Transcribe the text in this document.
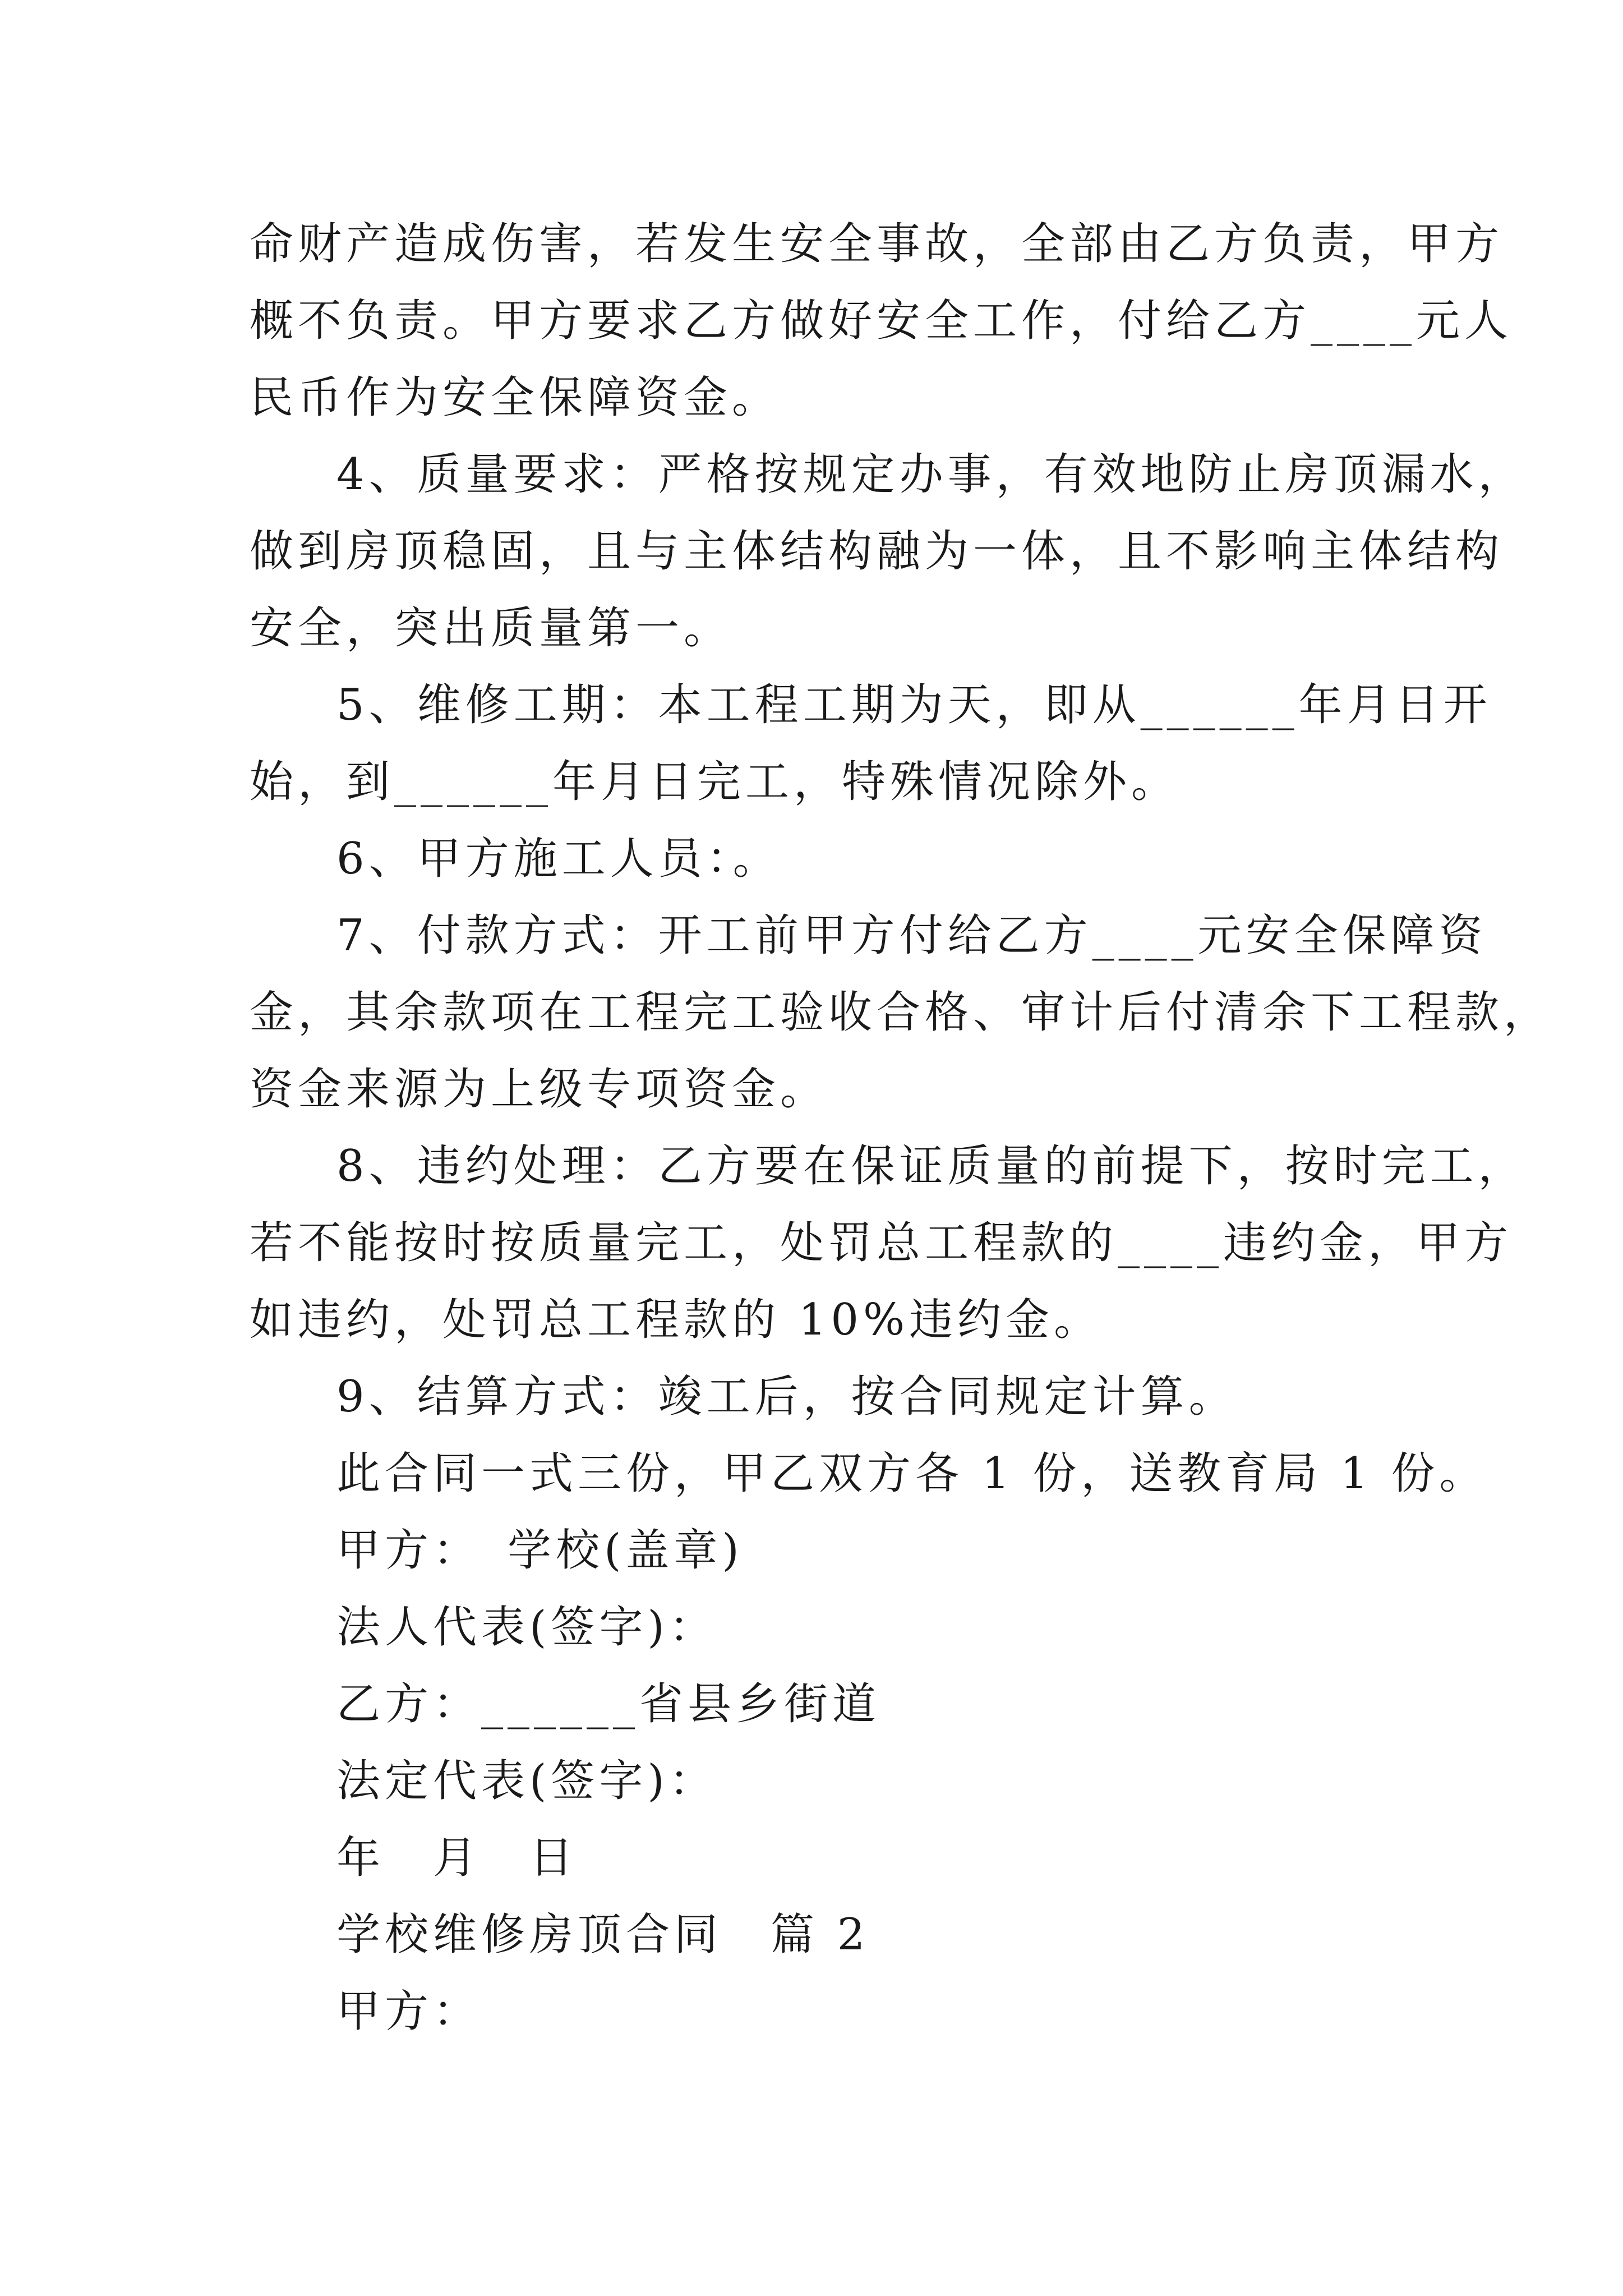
命财产造成伤害，若发生安全事故，全部由乙方负责，甲方
概不负责。甲方要求乙方做好安全工作，付给乙方____元人
民币作为安全保障资金。
4、质量要求：严格按规定办事，有效地防止房顶漏水，
做到房顶稳固，且与主体结构融为一体，且不影响主体结构
安全，突出质量第一。
5、维修工期：本工程工期为天，即从______年月日开
始，到______年月日完工，特殊情况除外。
6、甲方施工人员：。
7、付款方式：开工前甲方付给乙方____元安全保障资
金，其余款项在工程完工验收合格、审计后付清余下工程款，
资金来源为上级专项资金。
8、违约处理：乙方要在保证质量的前提下，按时完工，
若不能按时按质量完工，处罚总工程款的____违约金，甲方
如违约，处罚总工程款的 10%违约金。
9、结算方式：竣工后，按合同规定计算。
此合同一式三份，甲乙双方各 1 份，送教育局 1 份。
甲方：　学校(盖章)
法人代表(签字)：
乙方：______省县乡街道
法定代表(签字)：
年　月　日
学校维修房顶合同　篇 2
甲方：
